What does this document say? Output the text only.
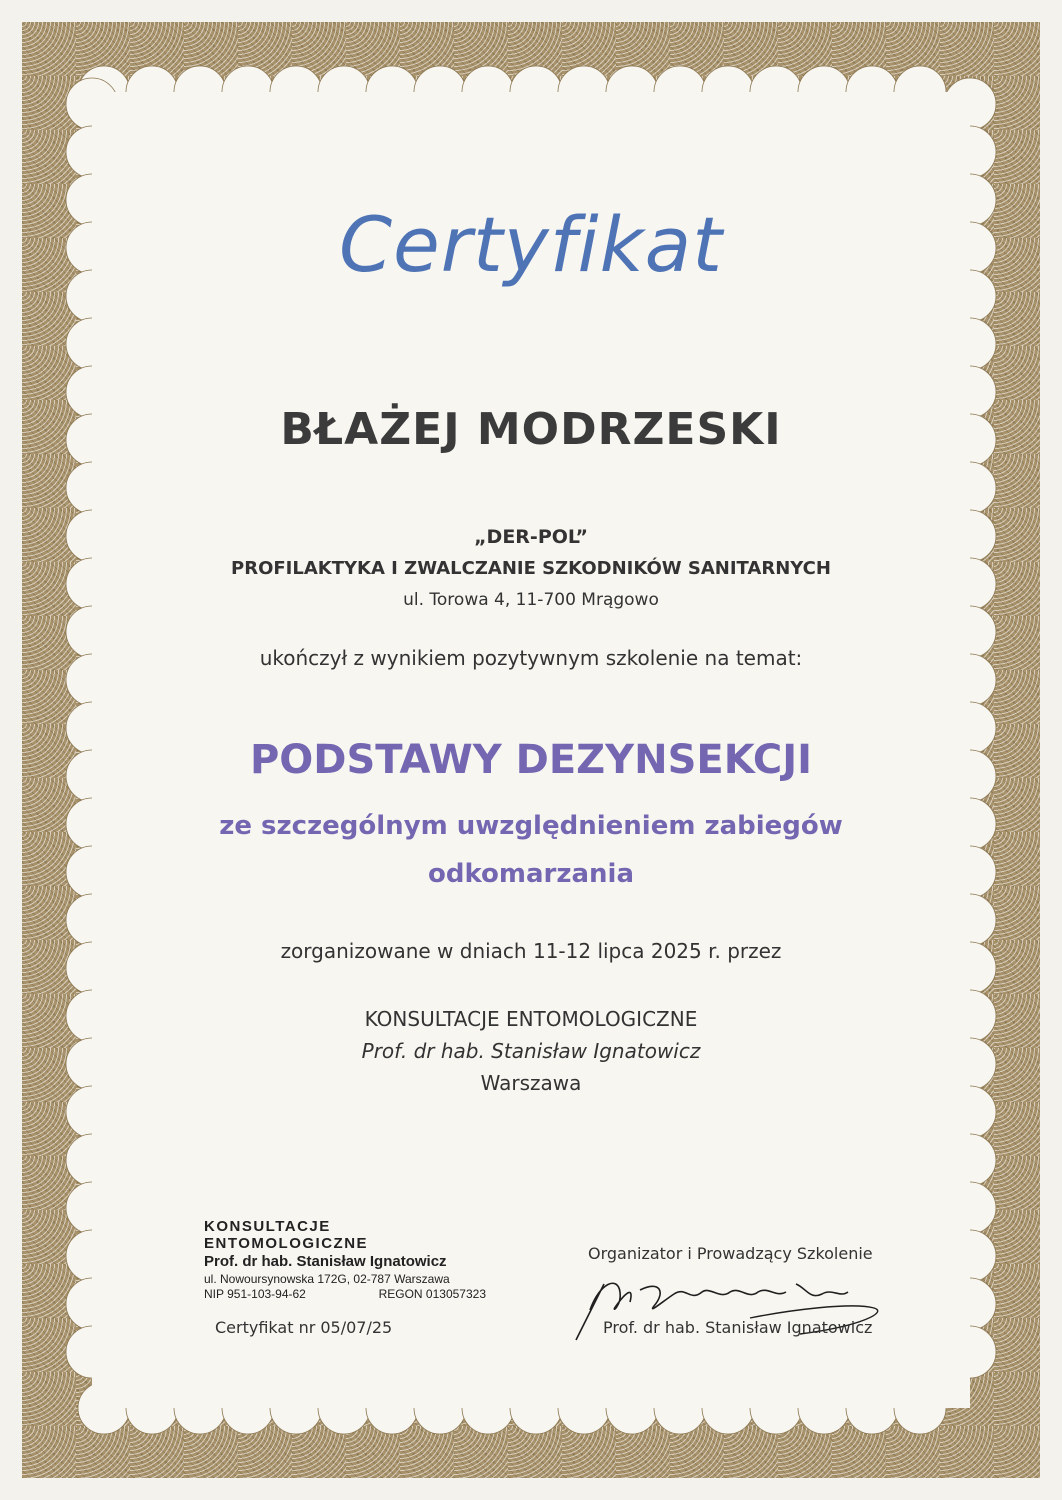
Certyfikat
BŁAŻEJ MODRZESKI
„DER-POL”
PROFILAKTYKA I ZWALCZANIE SZKODNIKÓW SANITARNYCH
ul. Torowa 4, 11-700 Mrągowo
ukończył z wynikiem pozytywnym szkolenie na temat:
PODSTAWY DEZYNSEKCJI
ze szczególnym uwzględnieniem zabiegów
odkomarzania
zorganizowane w dniach 11-12 lipca 2025 r. przez
KONSULTACJE ENTOMOLOGICZNE
Prof. dr hab. Stanisław Ignatowicz
Warszawa
KONSULTACJE ENTOMOLOGICZNE
Prof. dr hab. Stanisław Ignatowicz
ul. Nowoursynowska 172G, 02-787 Warszawa
NIP 951-103-94-62	REGON 013057323
Certyfikat nr 05/07/25
Organizator i Prowadzący Szkolenie
Prof. dr hab. Stanisław Ignatowicz
